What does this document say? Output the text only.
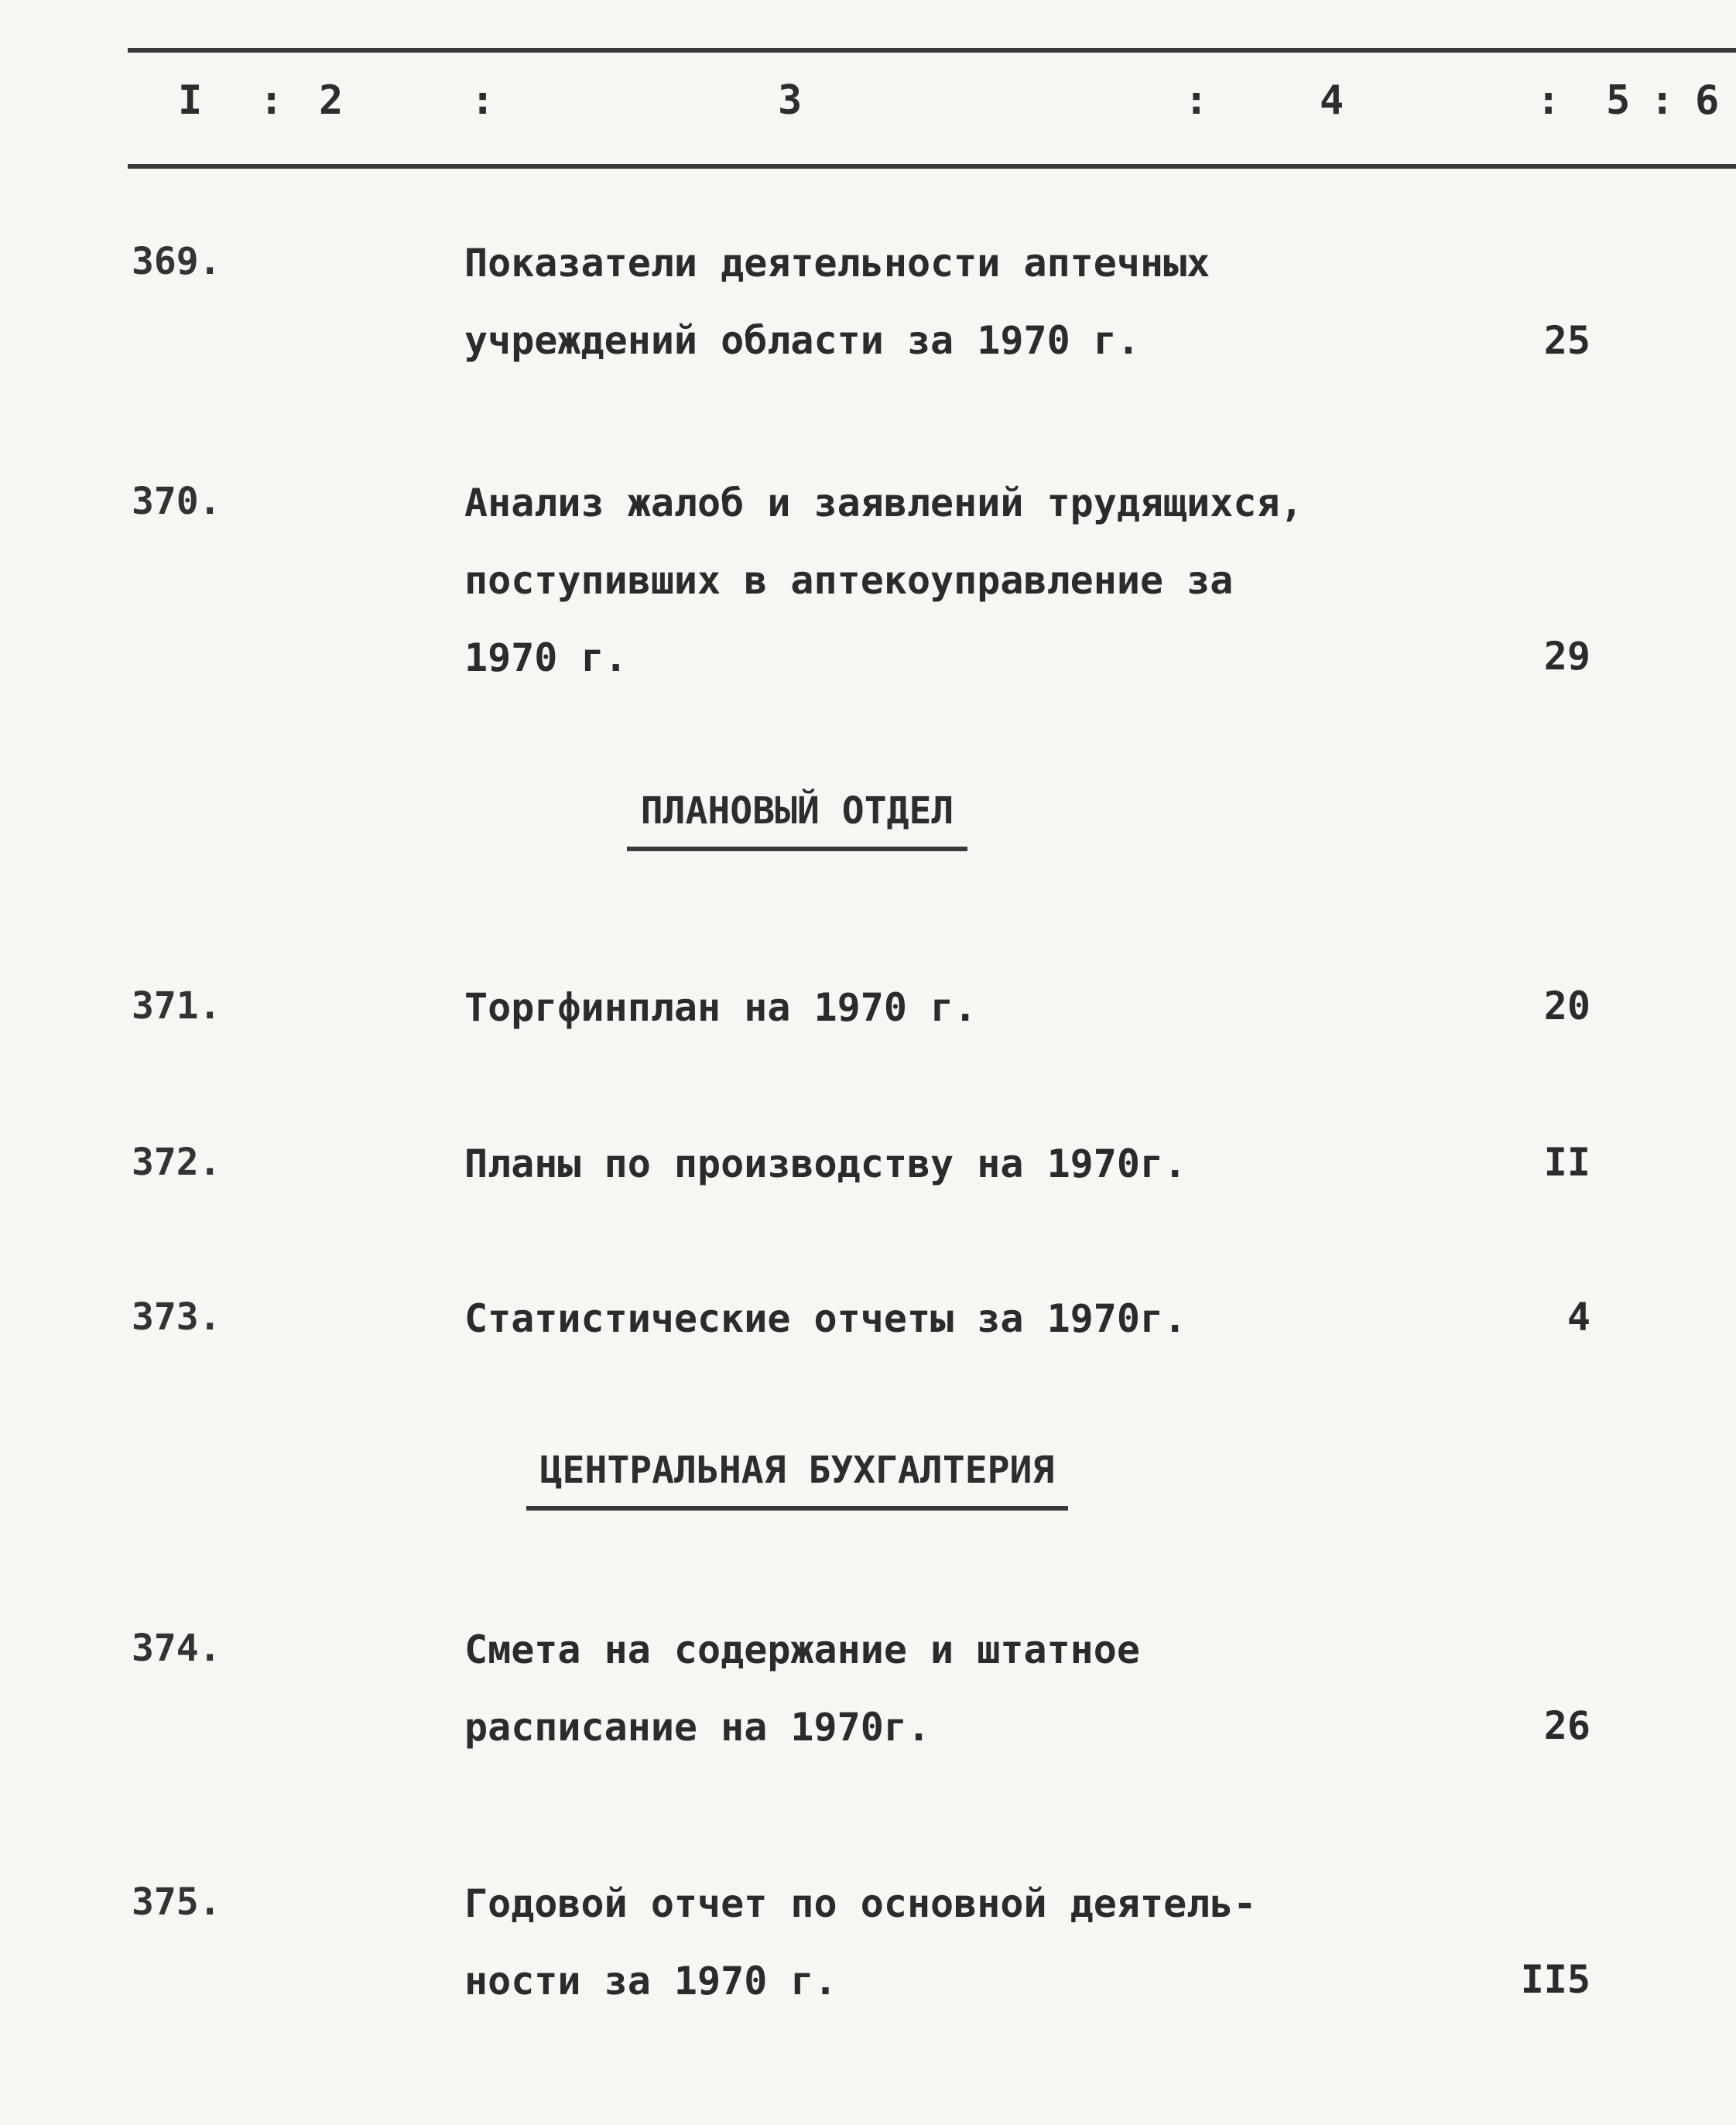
I : 2	:	3	:	4	: 5 : 6
369.	Показатели деятельности аптечных
учреждений области за 1970 г.	25
370.	Анализ жалоб и заявлений трудящихся,
поступивших в аптекоуправление за
1970 г.	29
ПЛАНОВЫЙ ОТДЕЛ
371.	Торгфинплан на 1970 г.	20
372.	Планы по производству на 1970г.	II
373.	Статистические отчеты за 1970г.	4
ЦЕНТРАЛЬНАЯ БУХГАЛТЕРИЯ
374.	Смета на содержание и штатное
расписание на 1970г.	26
375.	Годовой отчет по основной деятель-
ности за 1970 г.	II5
